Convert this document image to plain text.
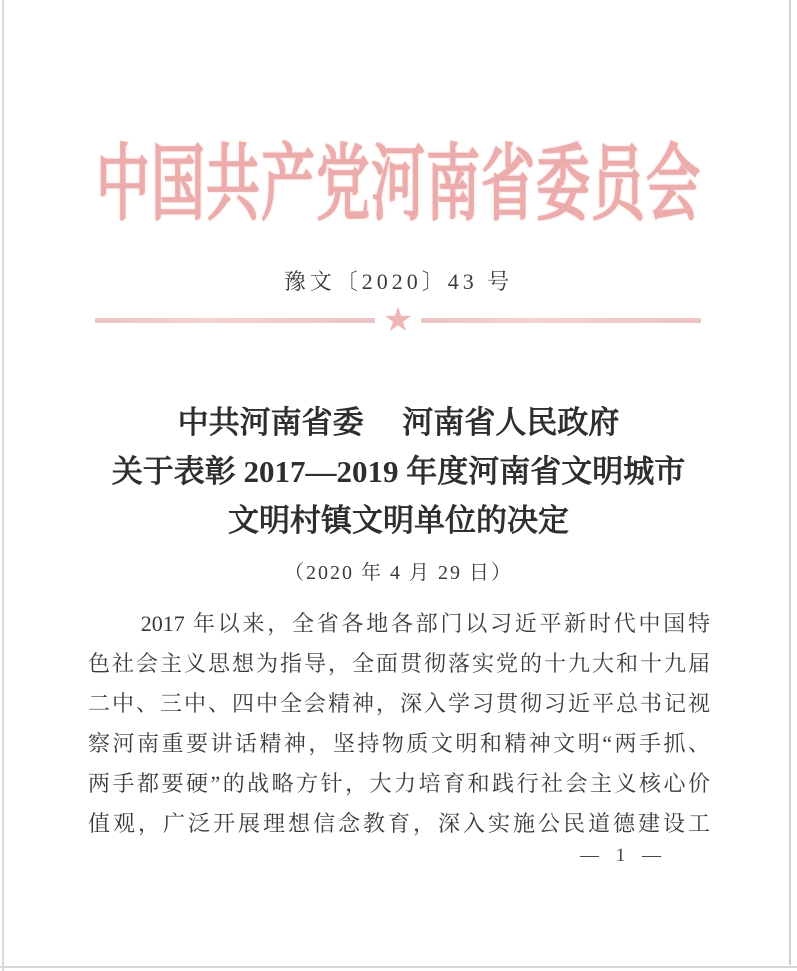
中国共产党河南省委员会
豫文〔2020〕43 号
★
中共河南省委　 河南省人民政府
关于表彰 2017—2019 年度河南省文明城市
文明村镇文明单位的决定
（2020 年 4 月 29 日）
2017 年以来，全省各地各部门以习近平新时代中国特
色社会主义思想为指导，全面贯彻落实党的十九大和十九届
二中、三中、四中全会精神，深入学习贯彻习近平总书记视
察河南重要讲话精神，坚持物质文明和精神文明“两手抓、
两手都要硬”的战略方针，大力培育和践行社会主义核心价
值观，广泛开展理想信念教育，深入实施公民道德建设工
— 1 —
